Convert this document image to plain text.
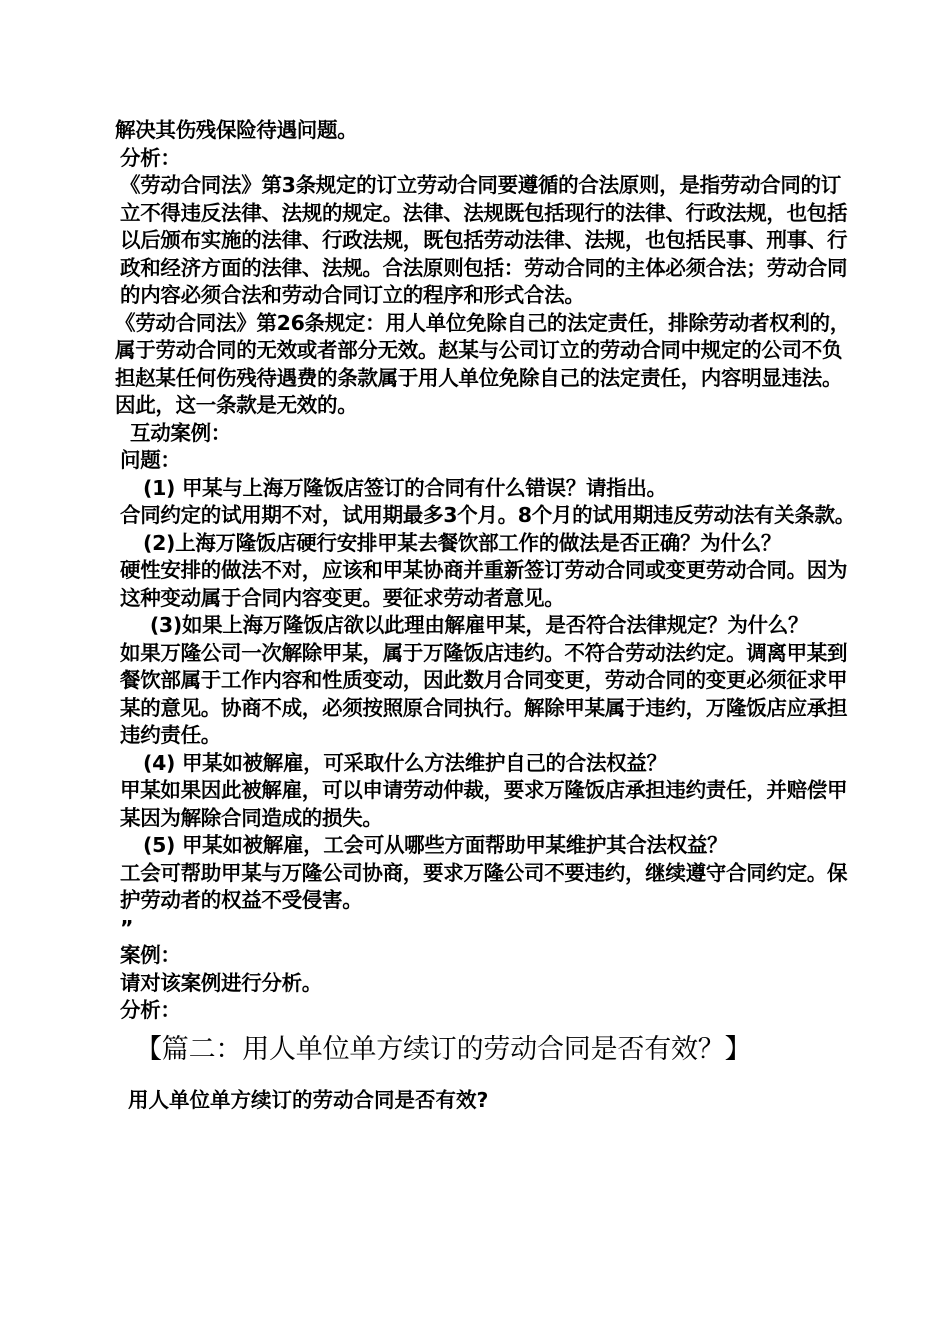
解决其伤残保险待遇问题。

分析：

《劳动合同法》第3条规定的订立劳动合同要遵循的合法原则，是指劳动合同的订立不得违反法律、法规的规定。法律、法规既包括现行的法律、行政法规，也包括以后颁布实施的法律、行政法规，既包括劳动法律、法规，也包括民事、刑事、行政和经济方面的法律、法规。合法原则包括：劳动合同的主体必须合法；劳动合同的内容必须合法和劳动合同订立的程序和形式合法。

《劳动合同法》第26条规定：用人单位免除自己的法定责任，排除劳动者权利的，属于劳动合同的无效或者部分无效。赵某与公司订立的劳动合同中规定的公司不负担赵某任何伤残待遇费的条款属于用人单位免除自己的法定责任，内容明显违法。因此，这一条款是无效的。

互动案例：

问题：

(1) 甲某与上海万隆饭店签订的合同有什么错误？请指出。

合同约定的试用期不对，试用期最多3个月。8个月的试用期违反劳动法有关条款。

(2)上海万隆饭店硬行安排甲某去餐饮部工作的做法是否正确？为什么？

硬性安排的做法不对，应该和甲某协商并重新签订劳动合同或变更劳动合同。因为这种变动属于合同内容变更。要征求劳动者意见。

(3)如果上海万隆饭店欲以此理由解雇甲某，是否符合法律规定？为什么？

如果万隆公司一次解除甲某，属于万隆饭店违约。不符合劳动法约定。调离甲某到餐饮部属于工作内容和性质变动，因此数月合同变更，劳动合同的变更必须征求甲某的意见。协商不成，必须按照原合同执行。解除甲某属于违约，万隆饭店应承担违约责任。

(4) 甲某如被解雇，可采取什么方法维护自己的合法权益？

甲某如果因此被解雇，可以申请劳动仲裁，要求万隆饭店承担违约责任，并赔偿甲某因为解除合同造成的损失。

(5) 甲某如被解雇，工会可从哪些方面帮助甲某维护其合法权益？

工会可帮助甲某与万隆公司协商，要求万隆公司不要违约，继续遵守合同约定。保护劳动者的权益不受侵害。

”

案例：

请对该案例进行分析。

分析：

【篇二：用人单位单方续订的劳动合同是否有效？】

用人单位单方续订的劳动合同是否有效?
